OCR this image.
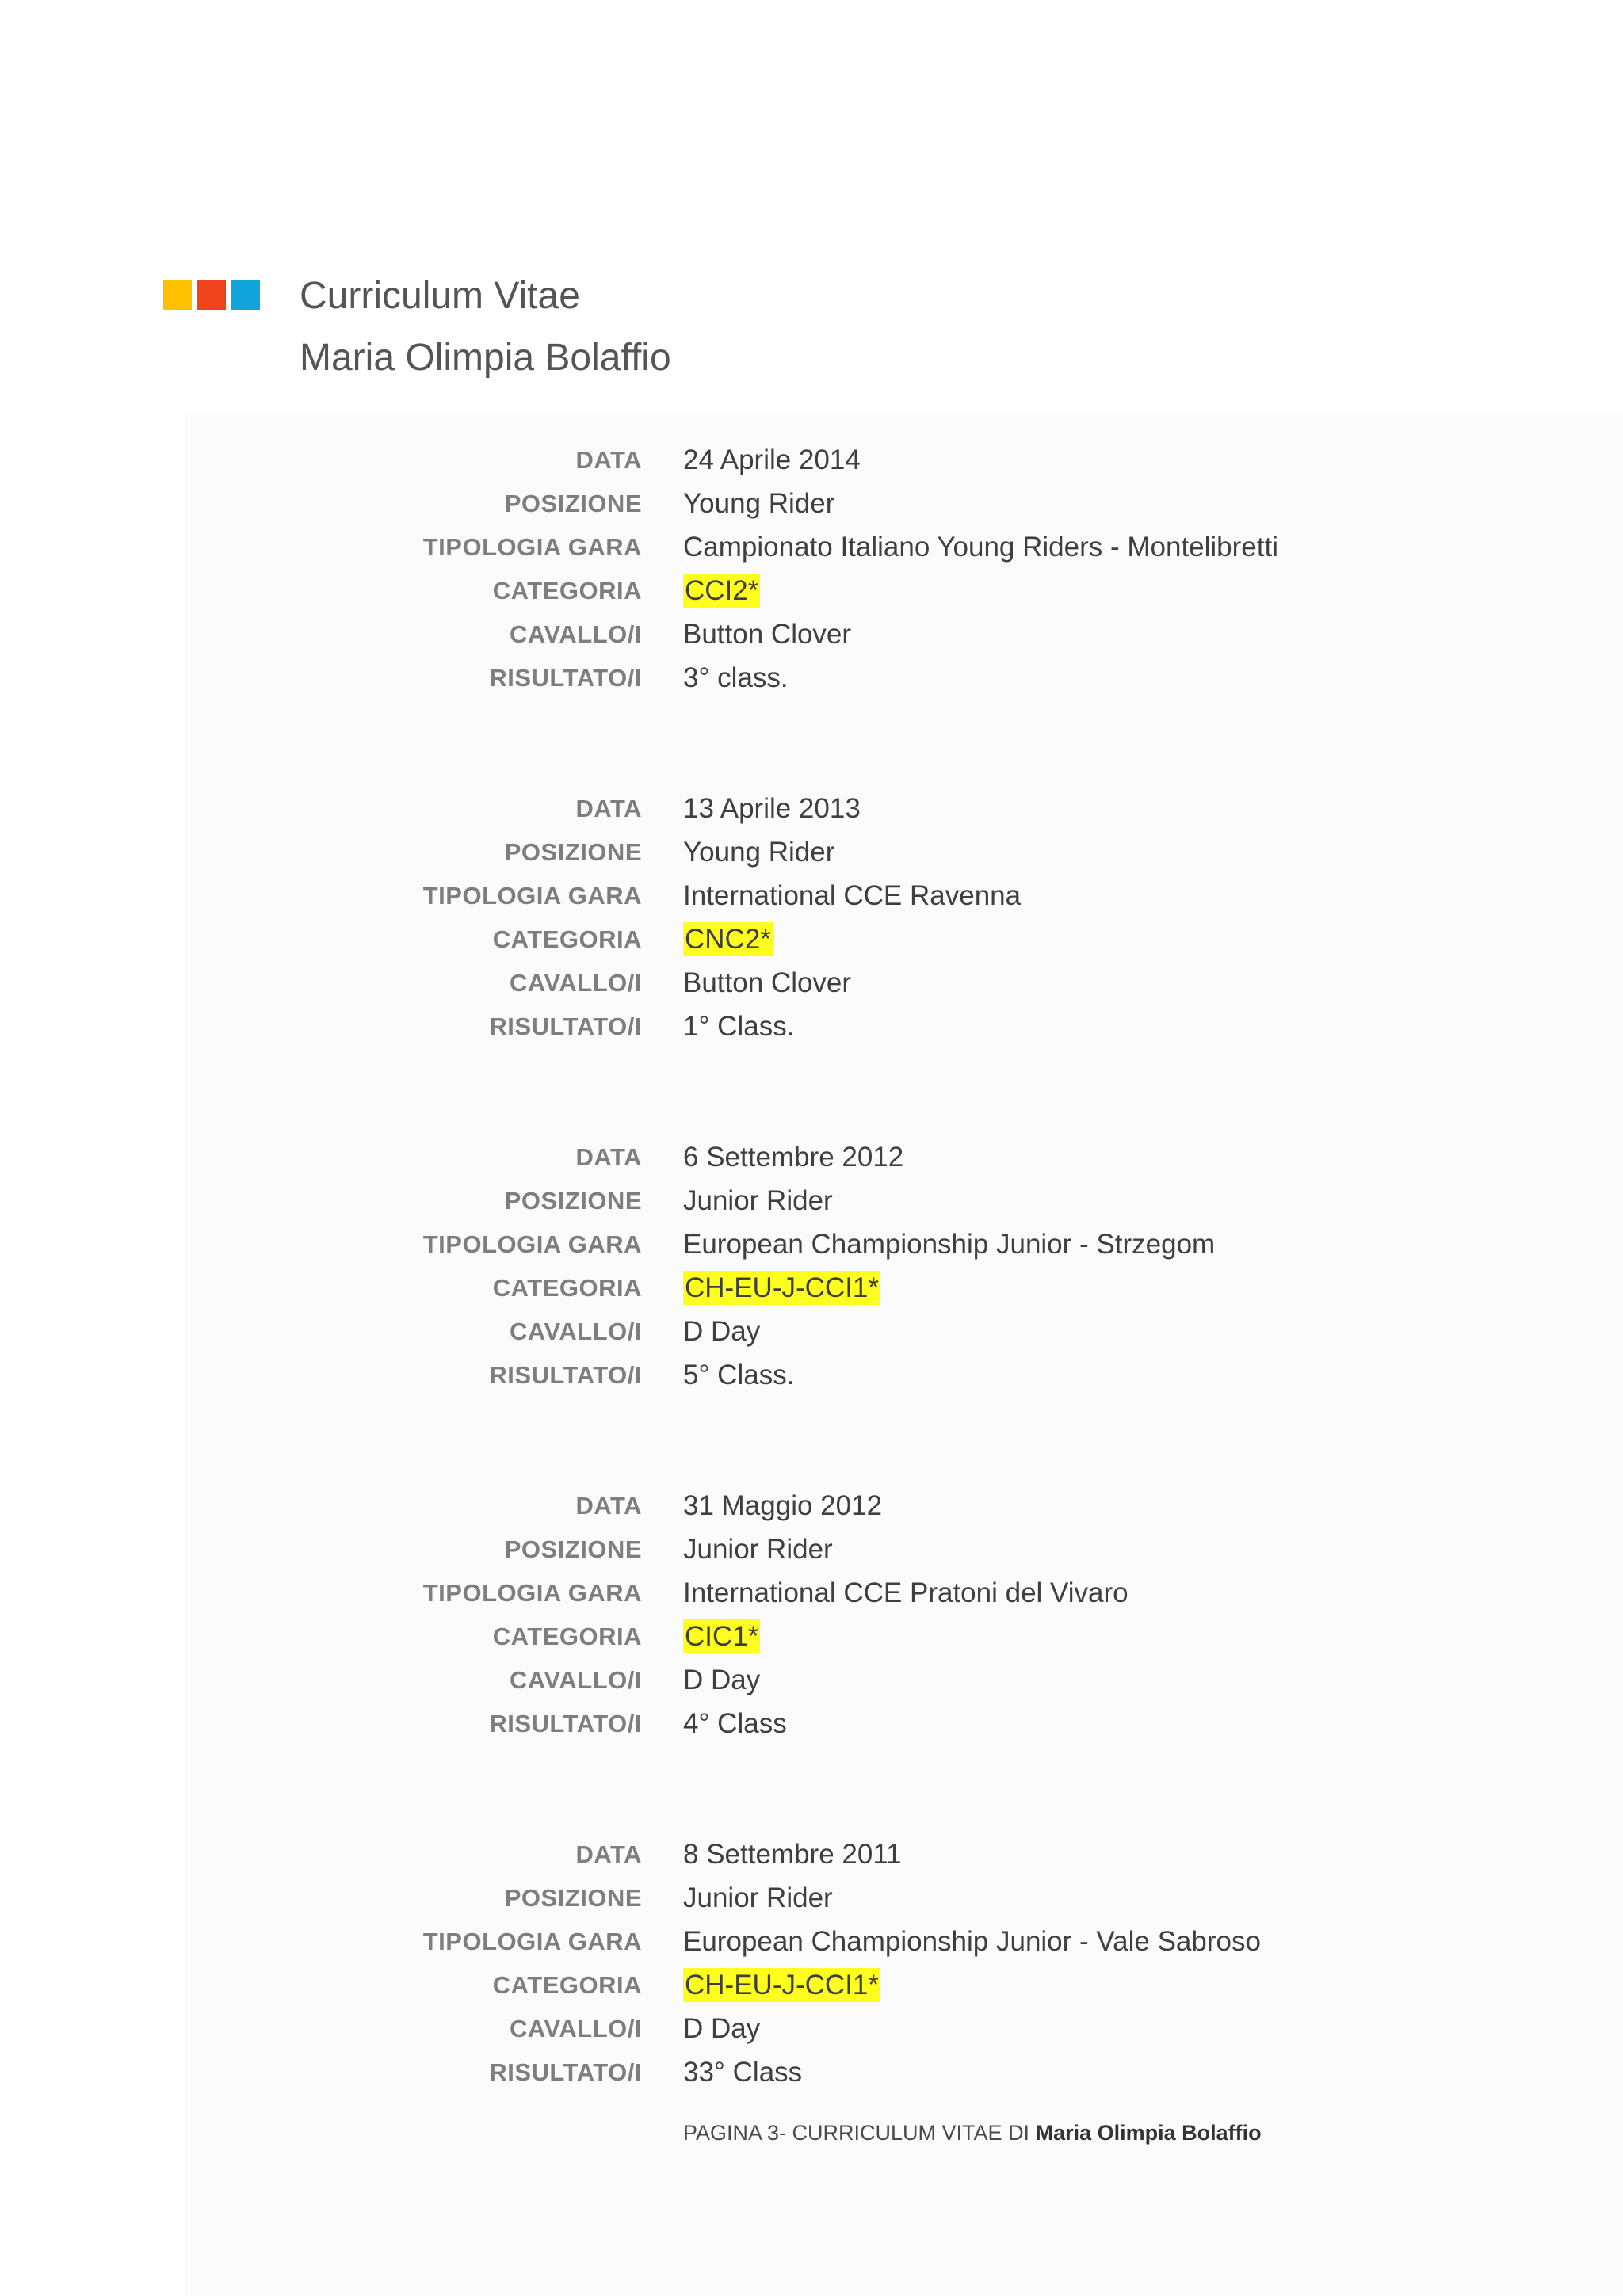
Curriculum Vitae
Maria Olimpia Bolaffio
DATA 24 Aprile 2014
POSIZIONE Young Rider
TIPOLOGIA GARA Campionato Italiano Young Riders - Montelibretti
CATEGORIA CCI2*
CAVALLO/I Button Clover
RISULTATO/I 3° class.
DATA 13 Aprile 2013
POSIZIONE Young Rider
TIPOLOGIA GARA International CCE Ravenna
CATEGORIA CNC2*
CAVALLO/I Button Clover
RISULTATO/I 1° Class.
DATA 6 Settembre 2012
POSIZIONE Junior Rider
TIPOLOGIA GARA European Championship Junior - Strzegom
CATEGORIA CH-EU-J-CCI1*
CAVALLO/I D Day
RISULTATO/I 5° Class.
DATA 31 Maggio 2012
POSIZIONE Junior Rider
TIPOLOGIA GARA International CCE Pratoni del Vivaro
CATEGORIA CIC1*
CAVALLO/I D Day
RISULTATO/I 4° Class
DATA 8 Settembre 2011
POSIZIONE Junior Rider
TIPOLOGIA GARA European Championship Junior - Vale Sabroso
CATEGORIA CH-EU-J-CCI1*
CAVALLO/I D Day
RISULTATO/I 33° Class
PAGINA 3- CURRICULUM VITAE DI Maria Olimpia Bolaffio
